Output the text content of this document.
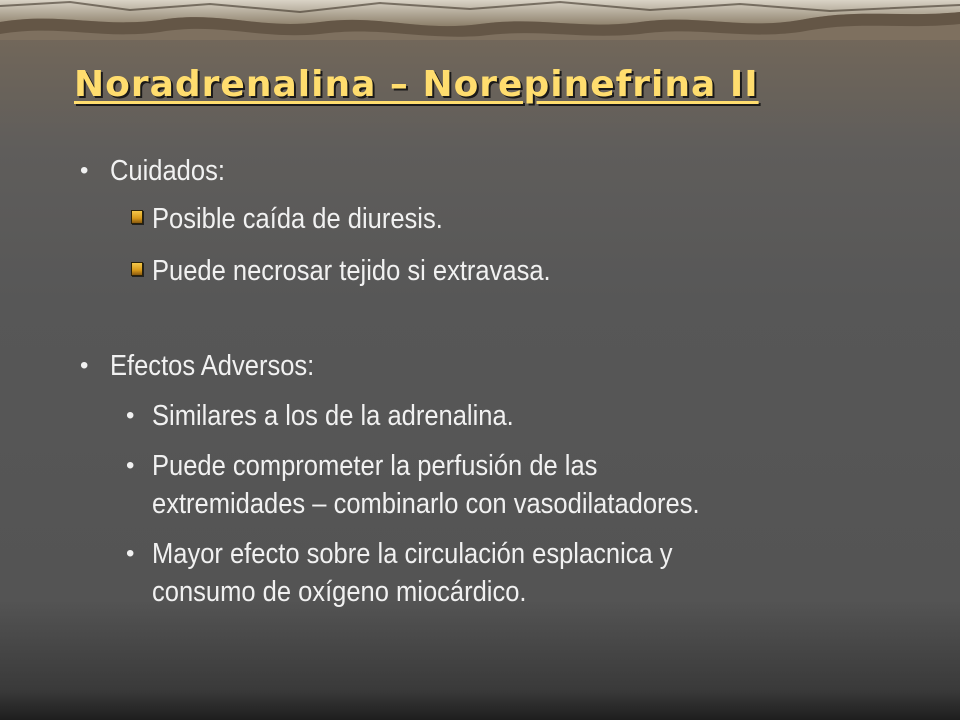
Noradrenalina – Norepinefrina II
• Cuidados:
Posible caída de diuresis.
Puede necrosar tejido si extravasa.
• Efectos Adversos:
• Similares a los de la adrenalina.
• Puede comprometer la perfusión de las
extremidades – combinarlo con vasodilatadores.
• Mayor efecto sobre la circulación esplacnica y
consumo de oxígeno miocárdico.
